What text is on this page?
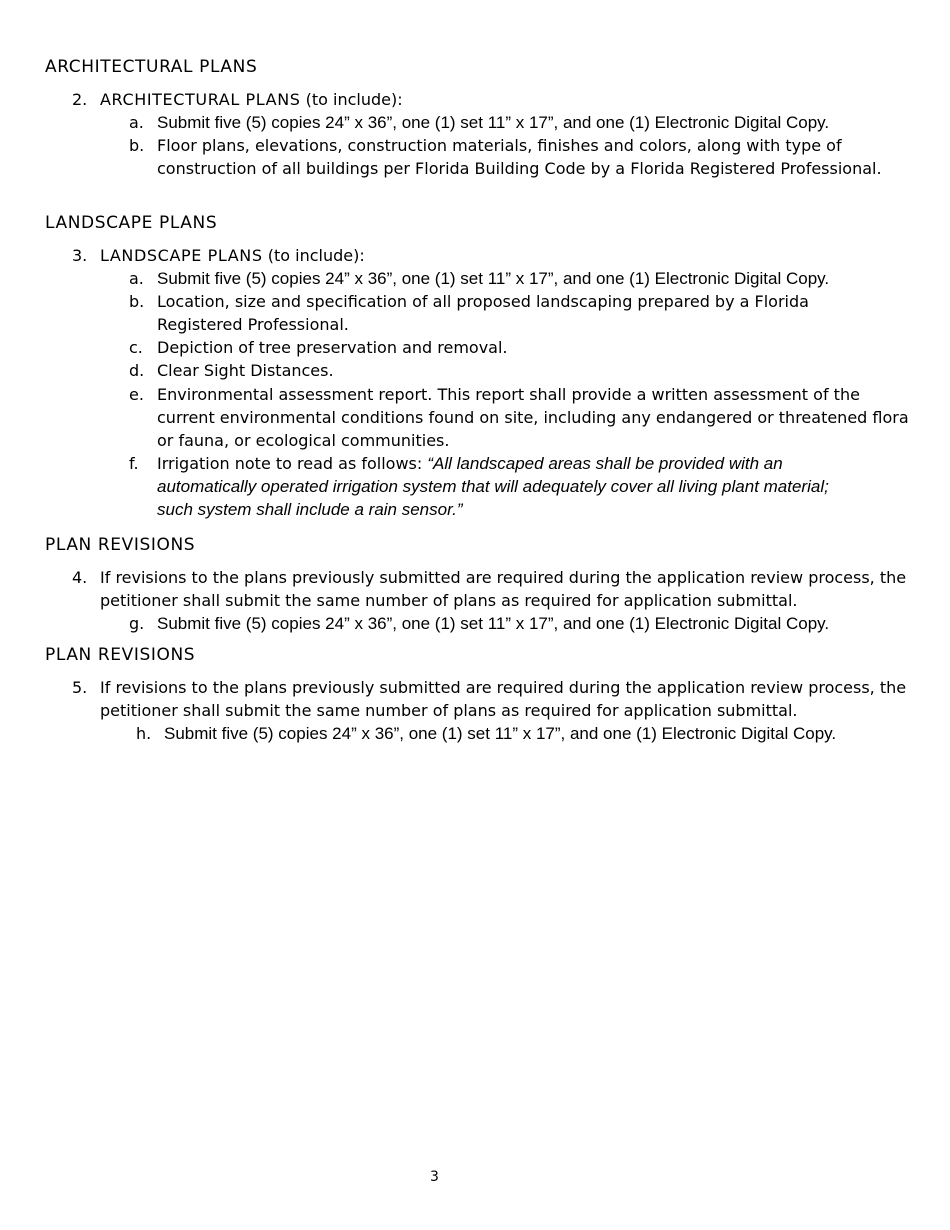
ARCHITECTURAL PLANS
2. ARCHITECTURAL PLANS (to include):
a. Submit five (5) copies 24” x 36”, one (1) set 11” x 17”, and one (1) Electronic Digital Copy.
b. Floor plans, elevations, construction materials, finishes and colors, along with type of
construction of all buildings per Florida Building Code by a Florida Registered Professional.
LANDSCAPE PLANS
3. LANDSCAPE PLANS (to include):
a. Submit five (5) copies 24” x 36”, one (1) set 11” x 17”, and one (1) Electronic Digital Copy.
b. Location, size and specification of all proposed landscaping prepared by a Florida
Registered Professional.
c. Depiction of tree preservation and removal.
d. Clear Sight Distances.
e. Environmental assessment report. This report shall provide a written assessment of the
current environmental conditions found on site, including any endangered or threatened flora
or fauna, or ecological communities.
f. Irrigation note to read as follows: “All landscaped areas shall be provided with an
automatically operated irrigation system that will adequately cover all living plant material;
such system shall include a rain sensor.”
PLAN REVISIONS
4. If revisions to the plans previously submitted are required during the application review process, the
petitioner shall submit the same number of plans as required for application submittal.
g. Submit five (5) copies 24” x 36”, one (1) set 11” x 17”, and one (1) Electronic Digital Copy.
PLAN REVISIONS
5. If revisions to the plans previously submitted are required during the application review process, the
petitioner shall submit the same number of plans as required for application submittal.
h. Submit five (5) copies 24” x 36”, one (1) set 11” x 17”, and one (1) Electronic Digital Copy.
3
